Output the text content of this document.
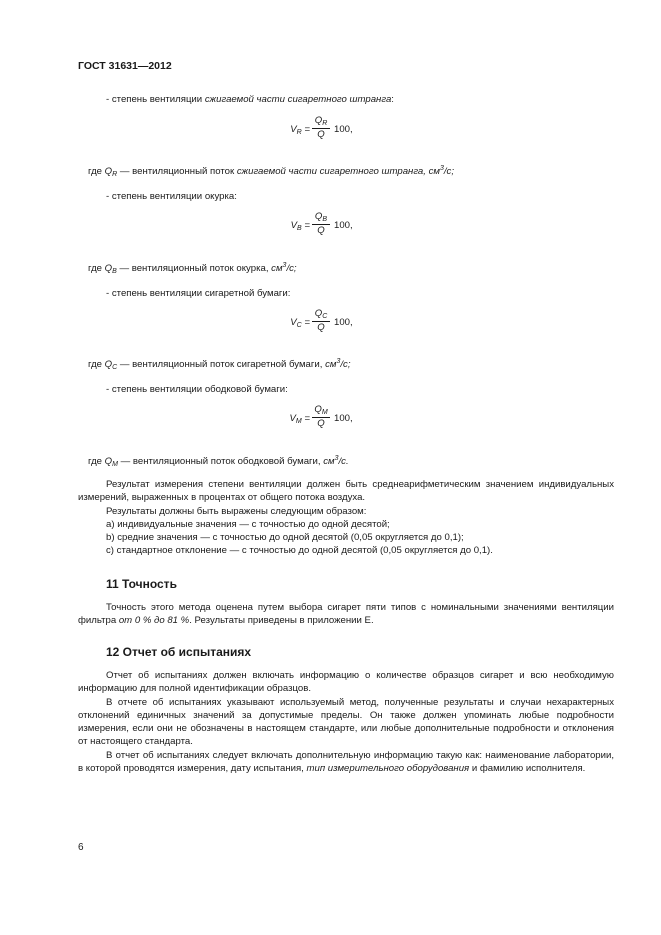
ГОСТ 31631—2012
- степень вентиляции сжигаемой части сигаретного штранга:
$V_R$ =
$Q_R$
Q 100,
где $Q_R$ — вентиляционный поток сжигаемой части сигаретного штранга, $см^3/с$;
- степень вентиляции окурка:
$V_B$ =
$Q_B$
Q 100,
где $Q_B$ — вентиляционный поток окурка, $см^3/с$;
- степень вентиляции сигаретной бумаги:
$V_C$ =
$Q_C$
Q 100,
где $Q_C$ — вентиляционный поток сигаретной бумаги, $см^3/с$;
- степень вентиляции ободковой бумаги:
$V_M$ =
$Q_M$
Q 100,
где $Q_M$ — вентиляционный поток ободковой бумаги, $см^3/с$.

Результат измерения степени вентиляции должен быть среднеарифметическим значением индивидуальных измерений, выраженных в процентах от общего потока воздуха.

Результаты должны быть выражены следующим образом:

а) индивидуальные значения — с точностью до одной десятой;

b) средние значения — с точностью до одной десятой (0,05 округляется до 0,1);

с) стандартное отклонение — с точностью до одной десятой (0,05 округляется до 0,1).

11 Точность

Точность этого метода оценена путем выбора сигарет пяти типов с номинальными значениями вентиляции фильтра от 0 % до 81 %. Результаты приведены в приложении Е.

12 Отчет об испытаниях

Отчет об испытаниях должен включать информацию о количестве образцов сигарет и всю необходимую информацию для полной идентификации образцов.

В отчете об испытаниях указывают используемый метод, полученные результаты и случаи нехарактерных отклонений единичных значений за допустимые пределы. Он также должен упоминать любые подробности измерения, если они не обозначены в настоящем стандарте, или любые дополнительные подробности и отклонения от настоящего стандарта.

В отчет об испытаниях следует включать дополнительную информацию такую как: наименование лаборатории, в которой проводятся измерения, дату испытания, тип измерительного оборудования и фамилию исполнителя.

6
